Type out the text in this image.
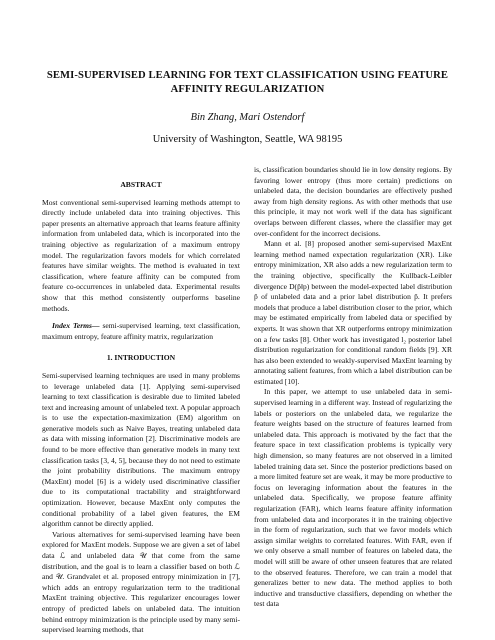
SEMI-SUPERVISED LEARNING FOR TEXT CLASSIFICATION USING FEATURE
AFFINITY REGULARIZATION
Bin Zhang, Mari Ostendorf
University of Washington, Seattle, WA 98195
ABSTRACT

Most conventional semi-supervised learning methods attempt to directly include unlabeled data into training objectives. This paper presents an alternative approach that learns feature affinity information from unlabeled data, which is incorporated into the training objective as regularization of a maximum entropy model. The regularization favors models for which correlated features have similar weights. The method is evaluated in text classification, where feature affinity can be computed from feature co-occurrences in unlabeled data. Experimental results show that this method consistently outperforms baseline methods.

Index Terms— semi-supervised learning, text classification, maximum entropy, feature affinity matrix, regularization

1. INTRODUCTION

Semi-supervised learning techniques are used in many problems to leverage unlabeled data [1]. Applying semi-supervised learning to text classification is desirable due to limited labeled text and increasing amount of unlabeled text. A popular approach is to use the expectation-maximization (EM) algorithm on generative models such as Naive Bayes, treating unlabeled data as data with missing information [2]. Discriminative models are found to be more effective than generative models in many text classification tasks [3, 4, 5], because they do not need to estimate the joint probability distributions. The maximum entropy (MaxEnt) model [6] is a widely used discriminative classifier due to its computational tractability and straightforward optimization. However, because MaxEnt only computes the conditional probability of a label given features, the EM algorithm cannot be directly applied.

Various alternatives for semi-supervised learning have been explored for MaxEnt models. Suppose we are given a set of label data ℒ and unlabeled data 𝒰 that come from the same distribution, and the goal is to learn a classifier based on both ℒ and 𝒰. Grandvalet et al. proposed entropy minimization in [7], which adds an entropy regularization term to the traditional MaxEnt training objective. This regularizer encourages lower entropy of predicted labels on unlabeled data. The intuition behind entropy minimization is the principle used by many semi-supervised learning methods, that

is, classification boundaries should lie in low density regions. By favoring lower entropy (thus more certain) predictions on unlabeled data, the decision boundaries are effectively pushed away from high density regions. As with other methods that use this principle, it may not work well if the data has significant overlaps between different classes, where the classifier may get over-confident for the incorrect decisions.

Mann et al. [8] proposed another semi-supervised MaxEnt learning method named expectation regularization (XR). Like entropy minimization, XR also adds a new regularization term to the training objective, specifically the Kullback-Leibler divergence D(p̃‖p) between the model-expected label distribution p̂ of unlabeled data and a prior label distribution p̃. It prefers models that produce a label distribution closer to the prior, which may be estimated empirically from labeled data or specified by experts. It was shown that XR outperforms entropy minimization on a few tasks [8]. Other work has investigated l₂ posterior label distribution regularization for conditional random fields [9]. XR has also been extended to weakly-supervised MaxEnt learning by annotating salient features, from which a label distribution can be estimated [10].

In this paper, we attempt to use unlabeled data in semi-supervised learning in a different way. Instead of regularizing the labels or posteriors on the unlabeled data, we regularize the feature weights based on the structure of features learned from unlabeled data. This approach is motivated by the fact that the feature space in text classification problems is typically very high dimension, so many features are not observed in a limited labeled training data set. Since the posterior predictions based on a more limited feature set are weak, it may be more productive to focus on leveraging information about the features in the unlabeled data. Specifically, we propose feature affinity regularization (FAR), which learns feature affinity information from unlabeled data and incorporates it in the training objective in the form of regularization, such that we favor models which assign similar weights to correlated features. With FAR, even if we only observe a small number of features on labeled data, the model will still be aware of other unseen features that are related to the observed features. Therefore, we can train a model that generalizes better to new data. The method applies to both inductive and transductive classifiers, depending on whether the test data
